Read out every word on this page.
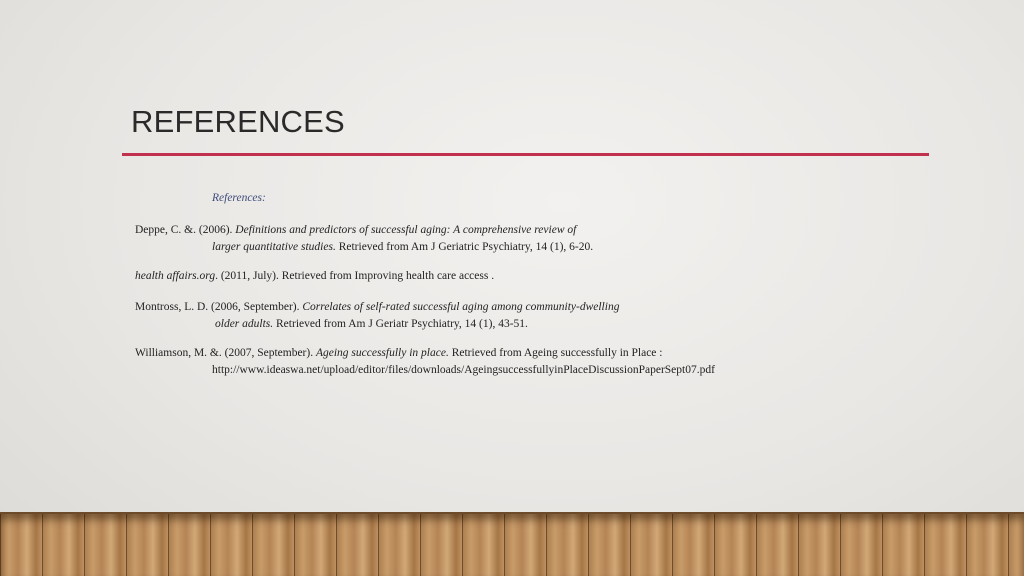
REFERENCES
References:
Deppe, C. &. (2006). Definitions and predictors of successful aging: A comprehensive review of
larger quantitative studies. Retrieved from Am J Geriatric Psychiatry, 14 (1), 6-20.
health affairs.org. (2011, July). Retrieved from Improving health care access .
Montross, L. D. (2006, September). Correlates of self-rated successful aging among community-dwelling
older adults. Retrieved from Am J Geriatr Psychiatry, 14 (1), 43-51.
Williamson, M. &. (2007, September). Ageing successfully in place. Retrieved from Ageing successfully in Place :
http://www.ideaswa.net/upload/editor/files/downloads/AgeingsuccessfullyinPlaceDiscussionPaperSept07.pdf
